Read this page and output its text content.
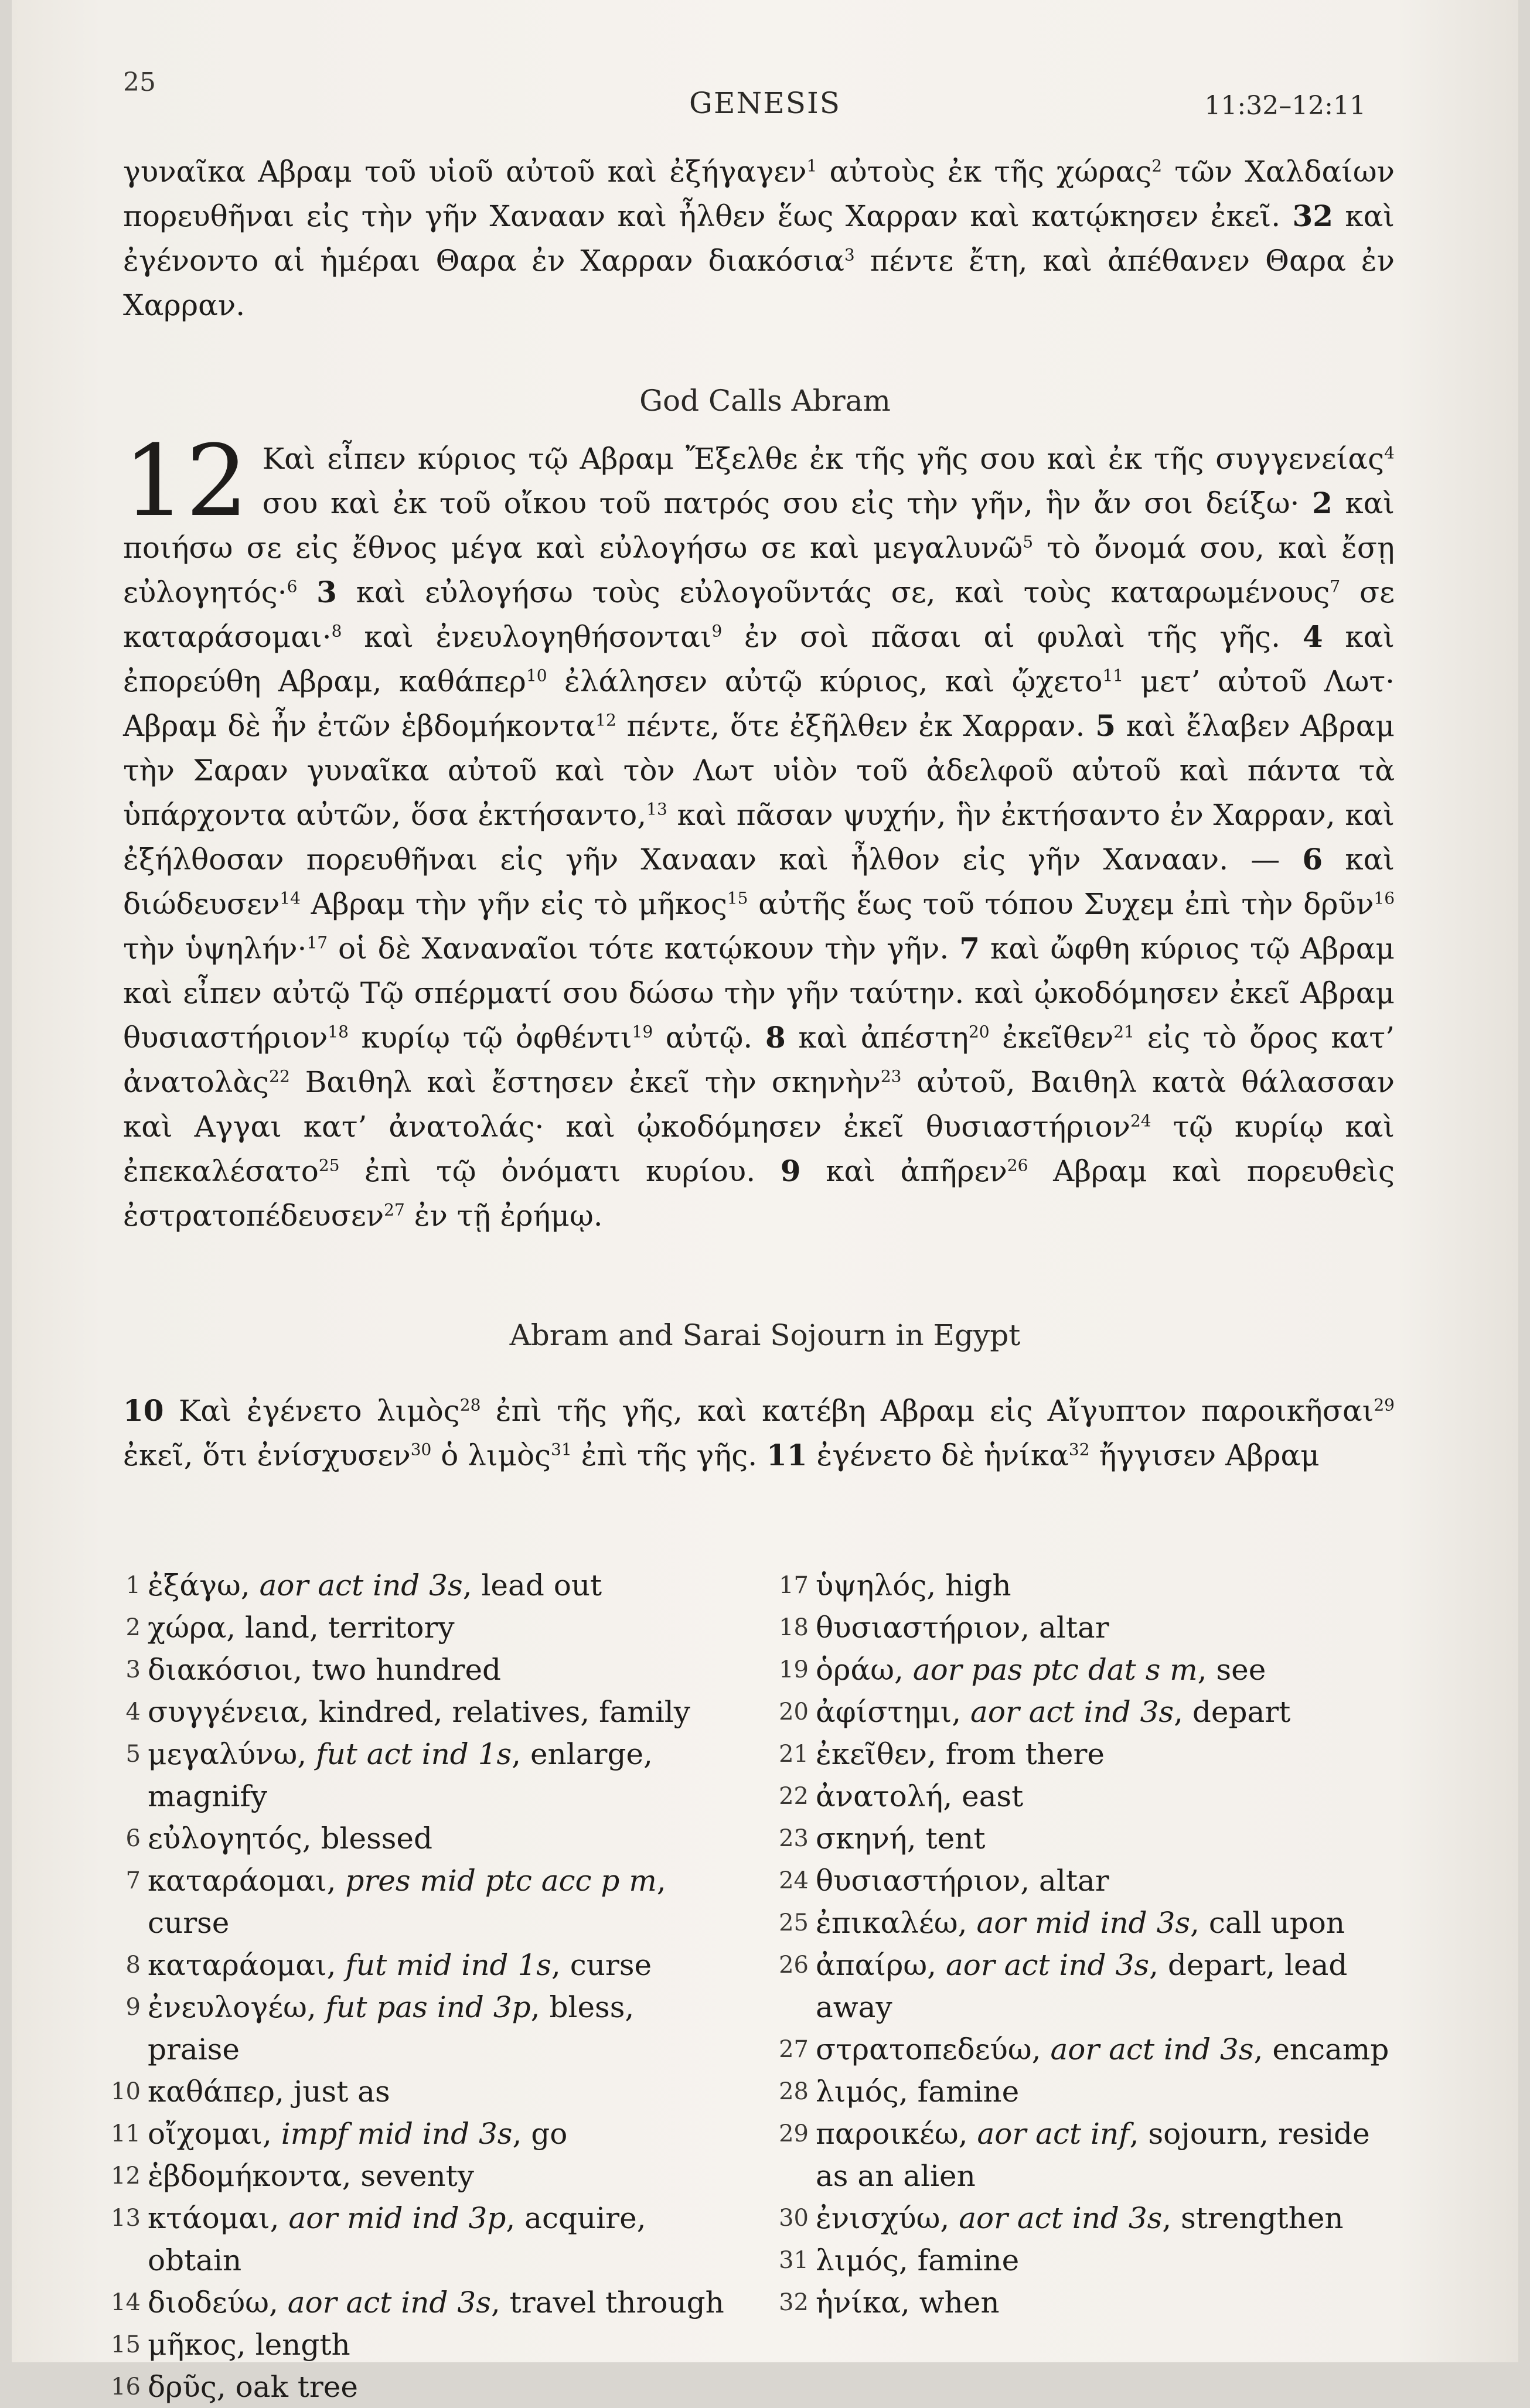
25
GENESIS	11:32–12:11
γυναῖκα Αβραμ τοῦ υἱοῦ αὐτοῦ καὶ ἐξήγαγεν$^1$ αὐτοὺς ἐκ τῆς χώρας$^2$ τῶν Χαλδαίων πορευθῆναι εἰς τὴν γῆν Χανααν καὶ ἦλθεν ἕως Χαρραν καὶ κατῴκησεν ἐκεῖ. 32 καὶ ἐγένοντο αἱ ἡμέραι Θαρα ἐν Χαρραν διακόσια$^3$ πέντε ἔτη, καὶ ἀπέθανεν Θαρα ἐν Χαρραν.
God Calls Abram
12 Καὶ εἶπεν κύριος τῷ Αβραμ Ἔξελθε ἐκ τῆς γῆς σου καὶ ἐκ τῆς συγγενείας$^4$ σου καὶ ἐκ τοῦ οἴκου τοῦ πατρός σου εἰς τὴν γῆν, ἣν ἄν σοι δείξω· 2 καὶ ποιήσω σε εἰς ἔθνος μέγα καὶ εὐλογήσω σε καὶ μεγαλυνῶ$^5$ τὸ ὄνομά σου, καὶ ἔσῃ εὐλογητός·$^6$ 3 καὶ εὐλογήσω τοὺς εὐλογοῦντάς σε, καὶ τοὺς καταρωμένους$^7$ σε καταράσομαι·$^8$ καὶ ἐνευλογηθήσονται$^9$ ἐν σοὶ πᾶσαι αἱ φυλαὶ τῆς γῆς. 4 καὶ ἐπορεύθη Αβραμ, καθάπερ$^{10}$ ἐλάλησεν αὐτῷ κύριος, καὶ ᾤχετο$^{11}$ μετ’ αὐτοῦ Λωτ· Αβραμ δὲ ἦν ἐτῶν ἑβδομήκοντα$^{12}$ πέντε, ὅτε ἐξῆλθεν ἐκ Χαρραν. 5 καὶ ἔλαβεν Αβραμ τὴν Σαραν γυναῖκα αὐτοῦ καὶ τὸν Λωτ υἱὸν τοῦ ἀδελφοῦ αὐτοῦ καὶ πάντα τὰ ὑπάρχοντα αὐτῶν, ὅσα ἐκτήσαντο,$^{13}$ καὶ πᾶσαν ψυχήν, ἣν ἐκτήσαντο ἐν Χαρραν, καὶ ἐξήλθοσαν πορευθῆναι εἰς γῆν Χανααν καὶ ἦλθον εἰς γῆν Χανααν. — 6 καὶ διώδευσεν$^{14}$ Αβραμ τὴν γῆν εἰς τὸ μῆκος$^{15}$ αὐτῆς ἕως τοῦ τόπου Συχεμ ἐπὶ τὴν δρῦν$^{16}$ τὴν ὑψηλήν·$^{17}$ οἱ δὲ Χαναναῖοι τότε κατῴκουν τὴν γῆν. 7 καὶ ὤφθη κύριος τῷ Αβραμ καὶ εἶπεν αὐτῷ Τῷ σπέρματί σου δώσω τὴν γῆν ταύτην. καὶ ᾠκοδόμησεν ἐκεῖ Αβραμ θυσιαστήριον$^{18}$ κυρίῳ τῷ ὀφθέντι$^{19}$ αὐτῷ. 8 καὶ ἀπέστη$^{20}$ ἐκεῖθεν$^{21}$ εἰς τὸ ὄρος κατ’ ἀνατολὰς$^{22}$ Βαιθηλ καὶ ἔστησεν ἐκεῖ τὴν σκηνὴν$^{23}$ αὐτοῦ, Βαιθηλ κατὰ θάλασσαν καὶ Αγγαι κατ’ ἀνατολάς· καὶ ᾠκοδόμησεν ἐκεῖ θυσιαστήριον$^{24}$ τῷ κυρίῳ καὶ ἐπεκαλέσατο$^{25}$ ἐπὶ τῷ ὀνόματι κυρίου. 9 καὶ ἀπῆρεν$^{26}$ Αβραμ καὶ πορευθεὶς ἐστρατοπέδευσεν$^{27}$ ἐν τῇ ἐρήμῳ.
Abram and Sarai Sojourn in Egypt
10 Καὶ ἐγένετο λιμὸς$^{28}$ ἐπὶ τῆς γῆς, καὶ κατέβη Αβραμ εἰς Αἴγυπτον παροικῆσαι$^{29}$ ἐκεῖ, ὅτι ἐνίσχυσεν$^{30}$ ὁ λιμὸς$^{31}$ ἐπὶ τῆς γῆς. 11 ἐγένετο δὲ ἡνίκα$^{32}$ ἤγγισεν Αβραμ
1 ἐξάγω, aor act ind 3s, lead out
2 χώρα, land, territory
3 διακόσιοι, two hundred
4 συγγένεια, kindred, relatives, family
5 μεγαλύνω, fut act ind 1s, enlarge, magnify
6 εὐλογητός, blessed
7 καταράομαι, pres mid ptc acc p m, curse
8 καταράομαι, fut mid ind 1s, curse
9 ἐνευλογέω, fut pas ind 3p, bless, praise
10 καθάπερ, just as
11 οἴχομαι, impf mid ind 3s, go
12 ἑβδομήκοντα, seventy
13 κτάομαι, aor mid ind 3p, acquire, obtain
14 διοδεύω, aor act ind 3s, travel through
15 μῆκος, length
16 δρῦς, oak tree
17 ὑψηλός, high
18 θυσιαστήριον, altar
19 ὁράω, aor pas ptc dat s m, see
20 ἀφίστημι, aor act ind 3s, depart
21 ἐκεῖθεν, from there
22 ἀνατολή, east
23 σκηνή, tent
24 θυσιαστήριον, altar
25 ἐπικαλέω, aor mid ind 3s, call upon
26 ἀπαίρω, aor act ind 3s, depart, lead away
27 στρατοπεδεύω, aor act ind 3s, encamp
28 λιμός, famine
29 παροικέω, aor act inf, sojourn, reside as an alien
30 ἐνισχύω, aor act ind 3s, strengthen
31 λιμός, famine
32 ἡνίκα, when
